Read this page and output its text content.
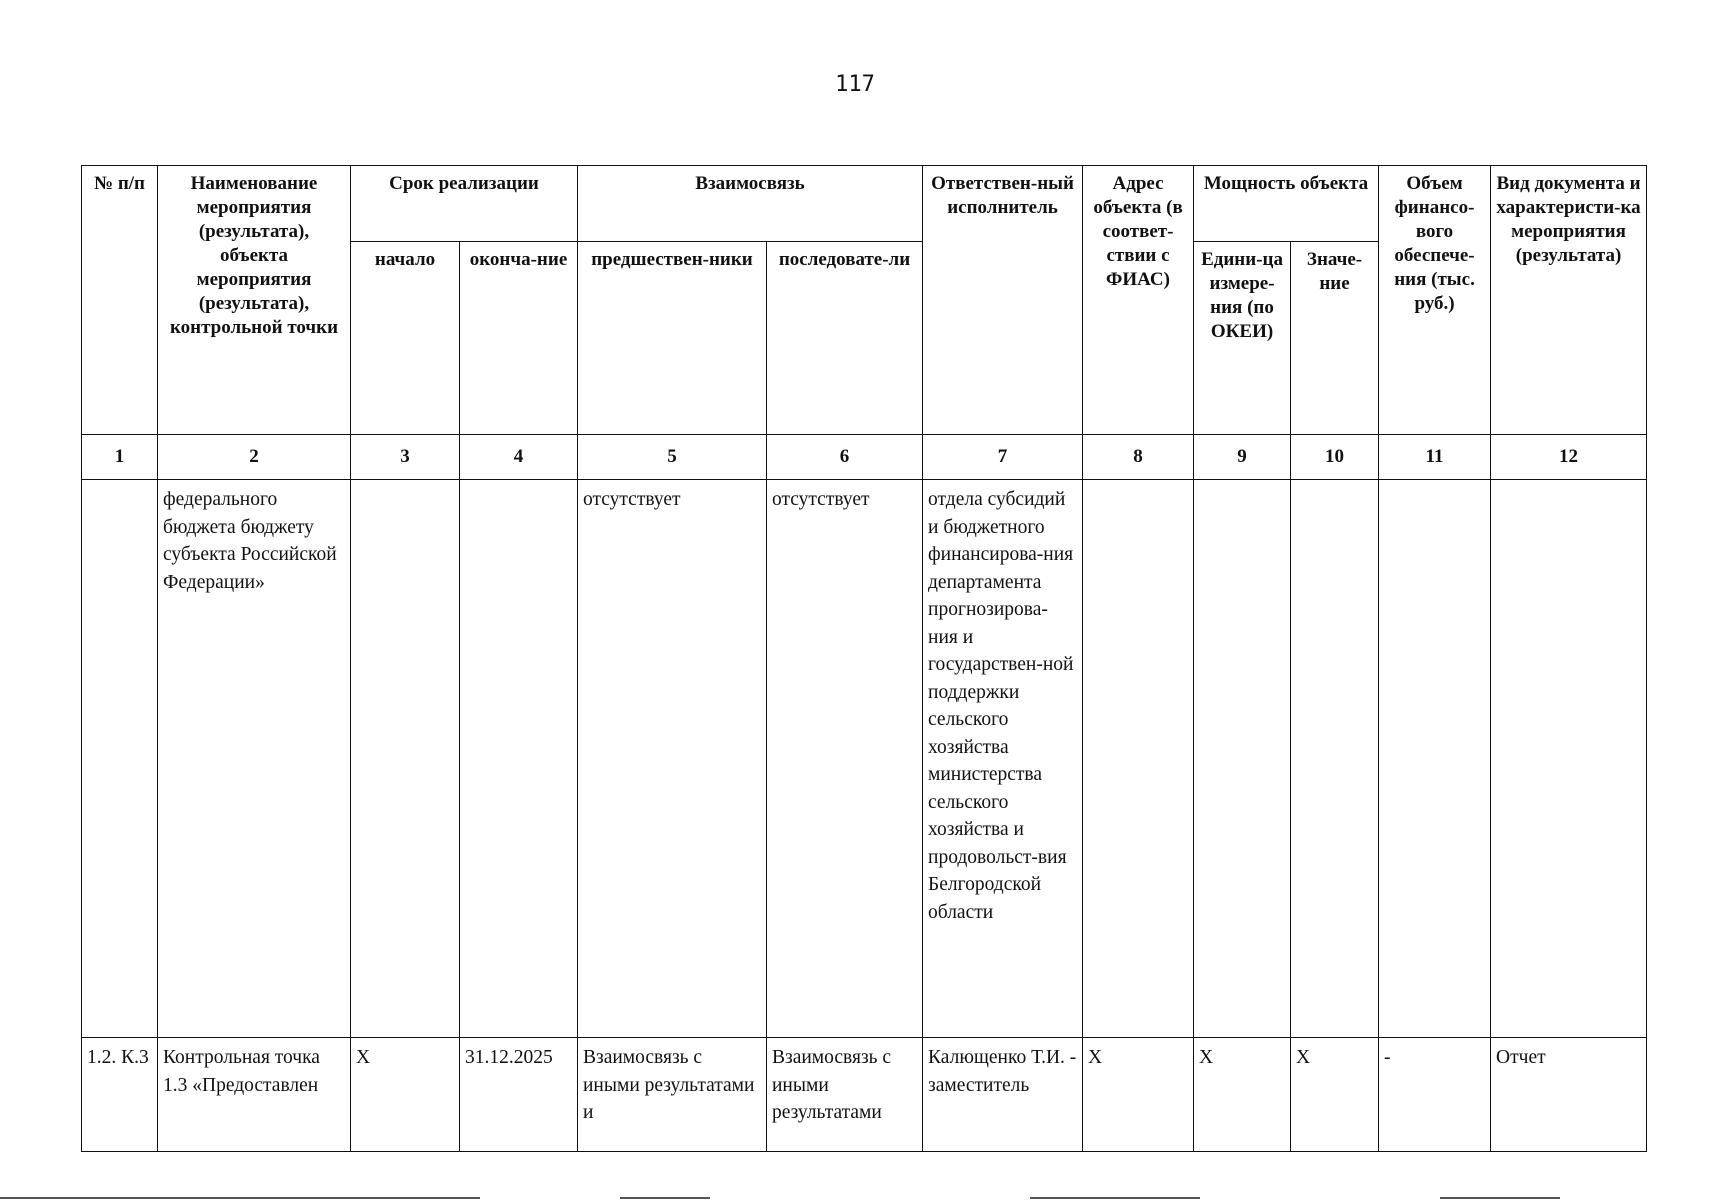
117
№ п/п	Наименование мероприятия (результата), объекта мероприятия (результата), контрольной точки	Срок реализации		Взаимосвязь		Ответствен-ный исполнитель	Адрес объекта (в соответ-ствии с ФИАС)	Мощность объекта		Объем финансо-вого обеспече-ния (тыс. руб.)	Вид документа и характеристи-ка мероприятия (результата)
		начало	оконча-ние	предшествен-ники	последовате-ли			Едини-ца измере-ния (по ОКЕИ)	Значе-ние		
1	2	3	4	5	6	7	8	9	10	11	12
	федерального бюджета бюджету субъекта Российской Федерации»			отсутствует	отсутствует	отдела субсидий и бюджетного финансирова-ния департамента прогнозирова-ния и государствен-ной поддержки сельского хозяйства министерства сельского хозяйства и продовольст-вия Белгородской области					
1.2. К.3	Контрольная точка 1.3 «Предоставлен	Х	31.12.2025	Взаимосвязь с иными результатами и	Взаимосвязь с иными результатами	Калющенко Т.И. - заместитель	Х	Х	Х	-	Отчет
